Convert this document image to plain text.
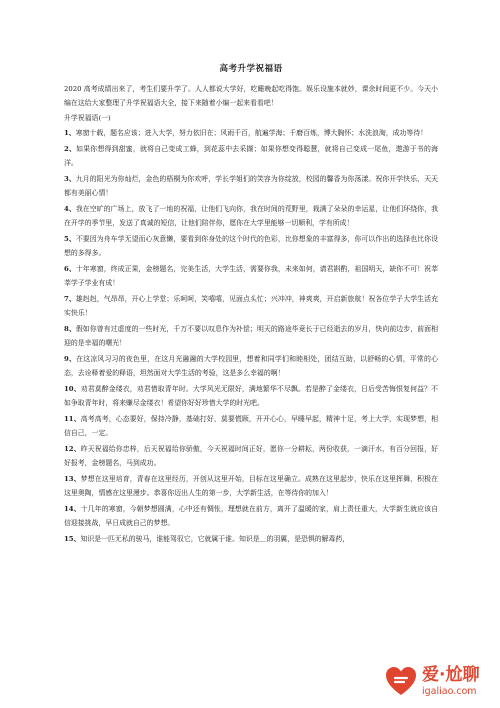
高考升学祝福语
2020 高考成绩出来了，考生们要升学了。人人都说大学好，吃睡晚起吃得饱。娱乐设施本就妙，课余时间更不少。今天小编在这给大家整理了升学祝福语大全，接下来随着小编一起来看看吧！
升学祝福语(一)
1、寒窗十载，题名应该；进入大学，努力依旧在；风雨千百，航遍学海；千磨百炼，博大胸怀；水洗浪淘，成功等待！
2、如果你想得到甜蜜，就将自己变成工蜂，到花蕊中去采撷；如果你想变得聪慧，就将自己变成一尾鱼，遨游于书的海洋。
3、九月的阳光为你灿烂，金色的梧桐为你欢呼，学长学姐们的笑容为你绽放，校园的馨香为你荡漾。祝你开学快乐，天天都有美丽心情！
4、我在空旷的广场上，放飞了一地的祝福，让他们飞向你，我在时间的荒野里，栽满了朵朵的幸运星，让他们环绕你，我在开学的季节里，发送了真诚的短信，让他们陪伴你，愿你在大学里能够一切顺利，学有所成！
5、不要因为舟车学无望而心灰意懒，要看到你身处的这个时代的色彩，比你想象的丰富得多，你可以作出的选择也比你设想的多得多。
6、十年寒窗，终成正果，金榜题名，完美生活，大学生活，需要你我，未来如何，请君斟酌，祖国明天，缺你不可！祝莘莘学子学业有成！
7、雄赳赳，气昂昂，开心上学堂；乐呵呵，笑嘻嘻，见面点头忙；兴冲冲，神爽爽，开启新旅航！祝各位学子大学生活充实快乐！
8、假如你曾有过虚度的一些时光，千万不要以叹息作为补偿；明天的路途毕竟长于已经逝去的岁月，快向前边步，前面相迎的是幸福的曙光！
9、在这凉风习习的夜色里，在这月光融融的大学校园里，想着和同学们和睦相处，团结互助，以舒畅的心情，平常的心态，去诠释着爱的释语，坦然面对大学生活的考验，这是多么幸福的啊！
10、劝君莫醉金缕衣，劝君惜取青年时。大学风光无限好，满地繁华不尽飘。若是醉了金缕衣，日后受苦悔恨复何益？不如争取青年时，将来赚尽金缕衣！希望你好好珍惜大学的时光吧。
11、高考高考，心态要好，保持冷静，基础打好，莫要慌顾，开开心心，早睡早起，精神十足，考上大学，实现梦想，相信自己，一定。
12、昨天祝福给你忠梓，后天祝福给你骄傲，今天祝福时间正好，愿你一分耕耘，两份收获，一滴汗水，有百分回报，好好报考，金榜题名，马到成功。
13、梦想在这里培育，青春在这里经历，开创从这里开始，目标在这里确立。成熟在这里起步，快乐在这里挥舞，积极在这里奥陶，情感在这里漫步。恭喜你迈出人生的第一步，大学新生活，在等待你的加入！
14、十几年的寒窗，今朝梦想圆满，心中还有惆怅，理想就在前方，离开了温暖的家，肩上责任重大，大学新生就应该自信迎接挑战，早日成就自己的梦想。
15、知识是一匹无私的骏马，谁能驾驭它，它就属于谁。知识是＿的羽翼，是恐惧的解毒药，
爱·尬聊
igaliao.com
